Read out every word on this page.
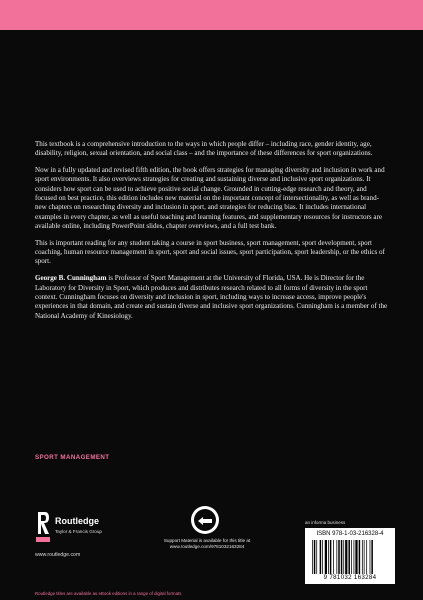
This textbook is a comprehensive introduction to the ways in which people differ – including race, gender identity, age, disability, religion, sexual orientation, and social class – and the importance of these differences for sport organizations.

Now in a fully updated and revised fifth edition, the book offers strategies for managing diversity and inclusion in work and sport environments. It also overviews strategies for creating and sustaining diverse and inclusive sport organizations. It considers how sport can be used to achieve positive social change. Grounded in cutting-edge research and theory, and focused on best practice, this edition includes new material on the important concept of intersectionality, as well as brand-new chapters on researching diversity and inclusion in sport, and strategies for reducing bias. It includes international examples in every chapter, as well as useful teaching and learning features, and supplementary resources for instructors are available online, including PowerPoint slides, chapter overviews, and a full test bank.

This is important reading for any student taking a course in sport business, sport management, sport development, sport coaching, human resource management in sport, sport and social issues, sport participation, sport leadership, or the ethics of sport.

George B. Cunningham is Professor of Sport Management at the University of Florida, USA. He is Director for the Laboratory for Diversity in Sport, which produces and distributes research related to all forms of diversity in the sport context. Cunningham focuses on diversity and inclusion in sport, including ways to increase access, improve people's experiences in that domain, and create and sustain diverse and inclusive sport organizations. Cunningham is a member of the National Academy of Kinesiology.

SPORT MANAGEMENT
Routledge
Taylor & Francis Group
www.routledge.com
Support Material is available for this title at
www.routledge.com/9781032163284
an informa business
ISBN 978-1-03-216328-4
9 781032 163284
Routledge titles are available as eBook editions in a range of digital formats
